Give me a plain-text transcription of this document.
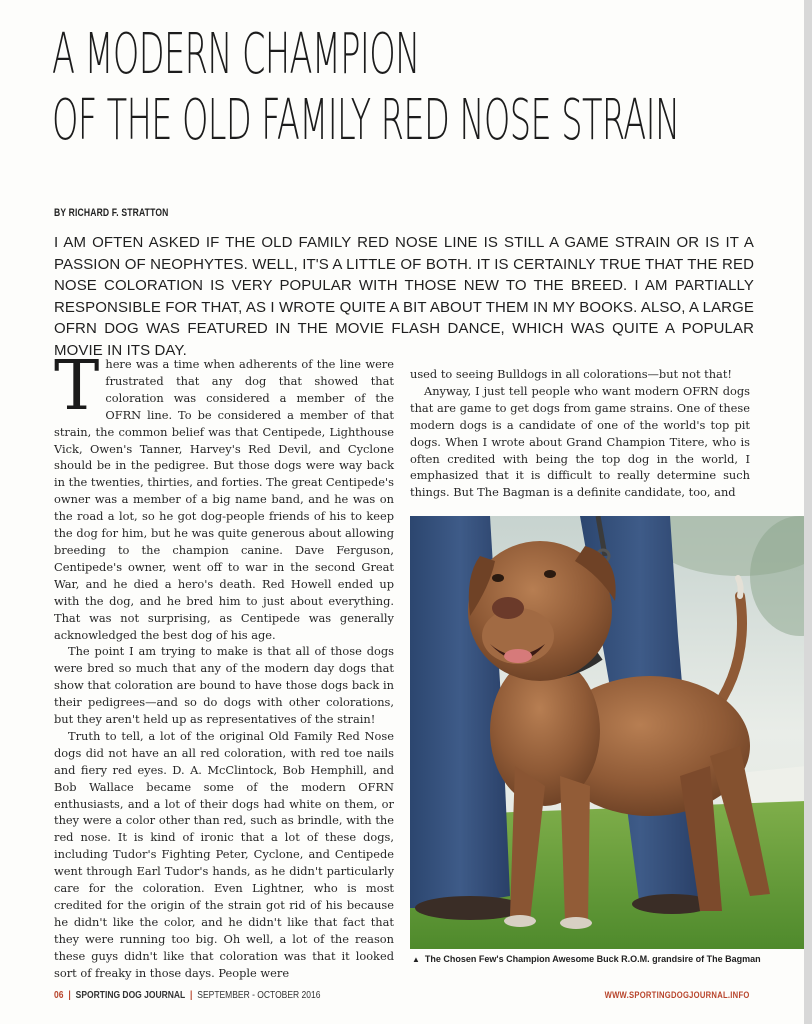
A MODERN CHAMPION
OF THE OLD FAMILY RED NOSE STRAIN
BY RICHARD F. STRATTON
I AM OFTEN ASKED IF THE OLD FAMILY RED NOSE LINE IS STILL A GAME STRAIN OR IS IT A PASSION OF NEOPHYTES. WELL, IT'S A LITTLE OF BOTH. IT IS CERTAINLY TRUE THAT THE RED NOSE COLORATION IS VERY POPULAR WITH THOSE NEW TO THE BREED. I AM PARTIALLY RESPONSIBLE FOR THAT, AS I WROTE QUITE A BIT ABOUT THEM IN MY BOOKS. ALSO, A LARGE OFRN DOG WAS FEATURED IN THE MOVIE FLASH DANCE, WHICH WAS QUITE A POPULAR MOVIE IN ITS DAY.

There was a time when adherents of the line were frustrated that any dog that showed that coloration was considered a member of the OFRN line. To be considered a member of that strain, the common belief was that Centipede, Lighthouse Vick, Owen's Tanner, Harvey's Red Devil, and Cyclone should be in the pedigree. But those dogs were way back in the twenties, thirties, and forties. The great Centipede's owner was a member of a big name band, and he was on the road a lot, so he got dog-people friends of his to keep the dog for him, but he was quite generous about allowing breeding to the champion canine. Dave Ferguson, Centipede's owner, went off to war in the second Great War, and he died a hero's death. Red Howell ended up with the dog, and he bred him to just about everything. That was not surprising, as Centipede was generally acknowledged the best dog of his age.

The point I am trying to make is that all of those dogs were bred so much that any of the modern day dogs that show that coloration are bound to have those dogs back in their pedigrees—and so do dogs with other colorations, but they aren't held up as representatives of the strain!

Truth to tell, a lot of the original Old Family Red Nose dogs did not have an all red coloration, with red toe nails and fiery red eyes. D. A. McClintock, Bob Hemphill, and Bob Wallace became some of the modern OFRN enthusiasts, and a lot of their dogs had white on them, or they were a color other than red, such as brindle, with the red nose. It is kind of ironic that a lot of these dogs, including Tudor's Fighting Peter, Cyclone, and Centipede went through Earl Tudor's hands, as he didn't particularly care for the coloration. Even Lightner, who is most credited for the origin of the strain got rid of his because he didn't like the color, and he didn't like that fact that they were running too big. Oh well, a lot of the reason these guys didn't like that coloration was that it looked sort of freaky in those days. People were

used to seeing Bulldogs in all colorations—but not that!

Anyway, I just tell people who want modern OFRN dogs that are game to get dogs from game strains. One of these modern dogs is a candidate of one of the world's top pit dogs. When I wrote about Grand Champion Titere, who is often credited with being the top dog in the world, I emphasized that it is difficult to really determine such things. But The Bagman is a definite candidate, too, and

▲ The Chosen Few's Champion Awesome Buck R.O.M. grandsire of The Bagman
06 | SPORTING DOG JOURNAL | SEPTEMBER - OCTOBER 2016	WWW.SPORTINGDOGJOURNAL.INFO
